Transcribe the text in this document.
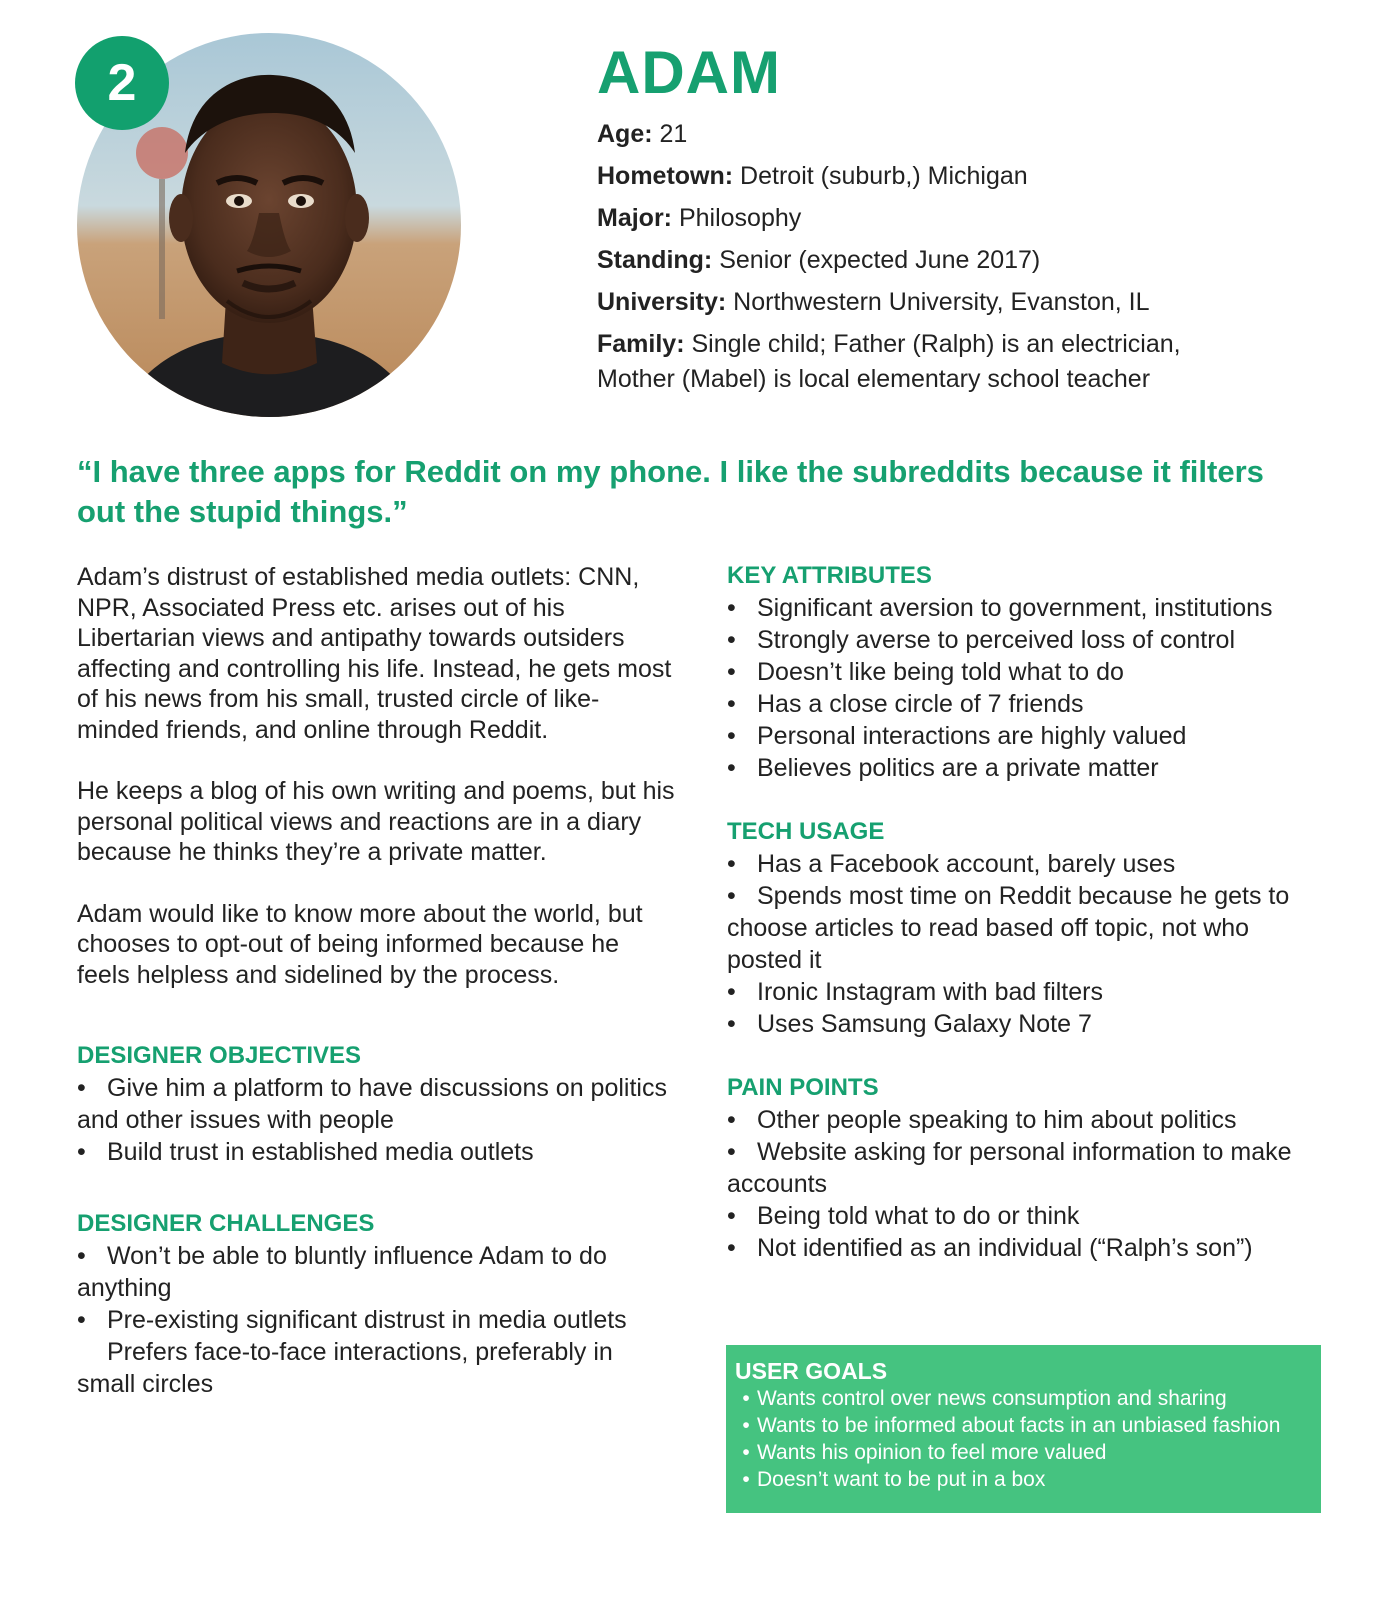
2	ADAM

Age: 21

Hometown: Detroit (suburb,) Michigan

Major: Philosophy

Standing: Senior (expected June 2017)

University: Northwestern University, Evanston, IL

Family: Single child; Father (Ralph) is an electrician, Mother (Mabel) is local elementary school teacher

“I have three apps for Reddit on my phone. I like the subreddits because it filters out the stupid things.”

Adam’s distrust of established media outlets: CNN, NPR, Associated Press etc. arises out of his Libertarian views and antipathy towards outsiders affecting and controlling his life. Instead, he gets most of his news from his small, trusted circle of like-minded friends, and online through Reddit.

He keeps a blog of his own writing and poems, but his personal political views and reactions are in a diary because he thinks they’re a private matter.

Adam would like to know more about the world, but chooses to opt-out of being informed because he feels helpless and sidelined by the process.

DESIGNER OBJECTIVES
• Give him a platform to have discussions on politics and other issues with people
• Build trust in established media outlets
DESIGNER CHALLENGES
• Won’t be able to bluntly influence Adam to do anything
• Pre-existing significant distrust in media outlets
Prefers face-to-face interactions, preferably in small circles
KEY ATTRIBUTES
• Significant aversion to government, institutions
• Strongly averse to perceived loss of control
• Doesn’t like being told what to do
• Has a close circle of 7 friends
• Personal interactions are highly valued
• Believes politics are a private matter
TECH USAGE
• Has a Facebook account, barely uses
• Spends most time on Reddit because he gets to choose articles to read based off topic, not who posted it
• Ironic Instagram with bad filters
• Uses Samsung Galaxy Note 7
PAIN POINTS
• Other people speaking to him about politics
• Website asking for personal information to make accounts
• Being told what to do or think
• Not identified as an individual (“Ralph’s son”)
USER GOALS
• Wants control over news consumption and sharing
• Wants to be informed about facts in an unbiased fashion
• Wants his opinion to feel more valued
• Doesn’t want to be put in a box
